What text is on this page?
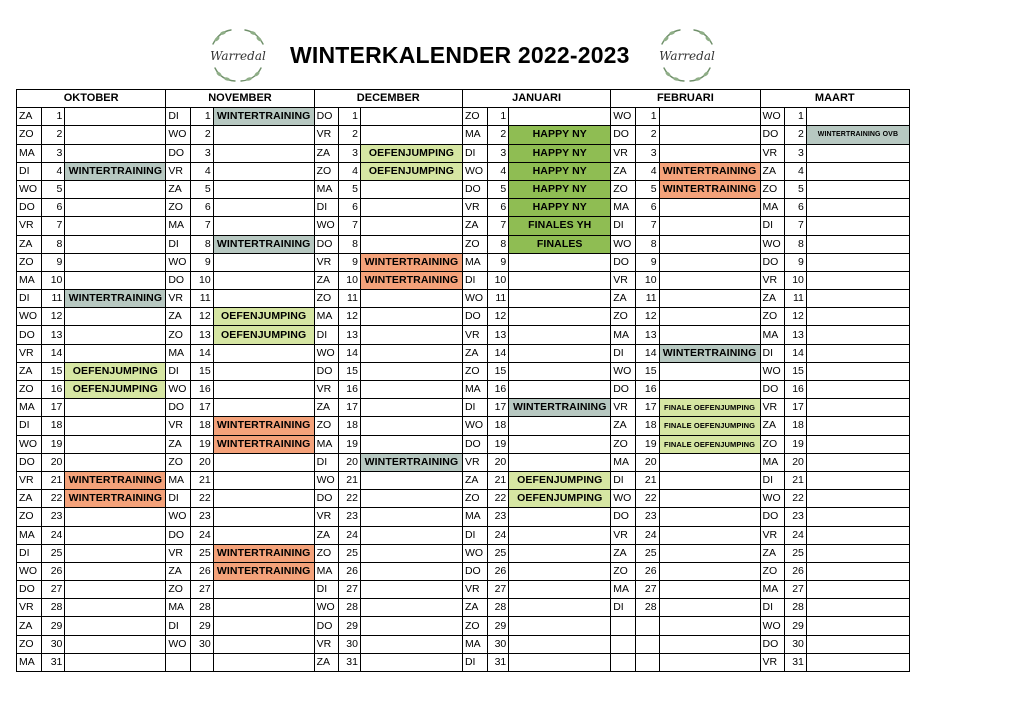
Warredal WINTERKALENDER 2022-2023 Warredal
OKTOBER			NOVEMBER			DECEMBER			JANUARI			FEBRUARI			MAART		
ZA	1		DI	1	WINTERTRAINING	DO	1		ZO	1		WO	1		WO	1	
ZO	2		WO	2		VR	2		MA	2	HAPPY NY	DO	2		DO	2	WINTERTRAINING OVB
MA	3		DO	3		ZA	3	OEFENJUMPING	DI	3	HAPPY NY	VR	3		VR	3	
DI	4	WINTERTRAINING	VR	4		ZO	4	OEFENJUMPING	WO	4	HAPPY NY	ZA	4	WINTERTRAINING	ZA	4	
WO	5		ZA	5		MA	5		DO	5	HAPPY NY	ZO	5	WINTERTRAINING	ZO	5	
DO	6		ZO	6		DI	6		VR	6	HAPPY NY	MA	6		MA	6	
VR	7		MA	7		WO	7		ZA	7	FINALES YH	DI	7		DI	7	
ZA	8		DI	8	WINTERTRAINING	DO	8		ZO	8	FINALES	WO	8		WO	8	
ZO	9		WO	9		VR	9	WINTERTRAINING	MA	9		DO	9		DO	9	
MA	10		DO	10		ZA	10	WINTERTRAINING	DI	10		VR	10		VR	10	
DI	11	WINTERTRAINING	VR	11		ZO	11		WO	11		ZA	11		ZA	11	
WO	12		ZA	12	OEFENJUMPING	MA	12		DO	12		ZO	12		ZO	12	
DO	13		ZO	13	OEFENJUMPING	DI	13		VR	13		MA	13		MA	13	
VR	14		MA	14		WO	14		ZA	14		DI	14	WINTERTRAINING	DI	14	
ZA	15	OEFENJUMPING	DI	15		DO	15		ZO	15		WO	15		WO	15	
ZO	16	OEFENJUMPING	WO	16		VR	16		MA	16		DO	16		DO	16	
MA	17		DO	17		ZA	17		DI	17	WINTERTRAINING	VR	17	FINALE OEFENJUMPING	VR	17	
DI	18		VR	18	WINTERTRAINING	ZO	18		WO	18		ZA	18	FINALE OEFENJUMPING	ZA	18	
WO	19		ZA	19	WINTERTRAINING	MA	19		DO	19		ZO	19	FINALE OEFENJUMPING	ZO	19	
DO	20		ZO	20		DI	20	WINTERTRAINING	VR	20		MA	20		MA	20	
VR	21	WINTERTRAINING	MA	21		WO	21		ZA	21	OEFENJUMPING	DI	21		DI	21	
ZA	22	WINTERTRAINING	DI	22		DO	22		ZO	22	OEFENJUMPING	WO	22		WO	22	
ZO	23		WO	23		VR	23		MA	23		DO	23		DO	23	
MA	24		DO	24		ZA	24		DI	24		VR	24		VR	24	
DI	25		VR	25	WINTERTRAINING	ZO	25		WO	25		ZA	25		ZA	25	
WO	26		ZA	26	WINTERTRAINING	MA	26		DO	26		ZO	26		ZO	26	
DO	27		ZO	27		DI	27		VR	27		MA	27		MA	27	
VR	28		MA	28		WO	28		ZA	28		DI	28		DI	28	
ZA	29		DI	29		DO	29		ZO	29					WO	29	
ZO	30		WO	30		VR	30		MA	30					DO	30	
MA	31					ZA	31		DI	31					VR	31	
